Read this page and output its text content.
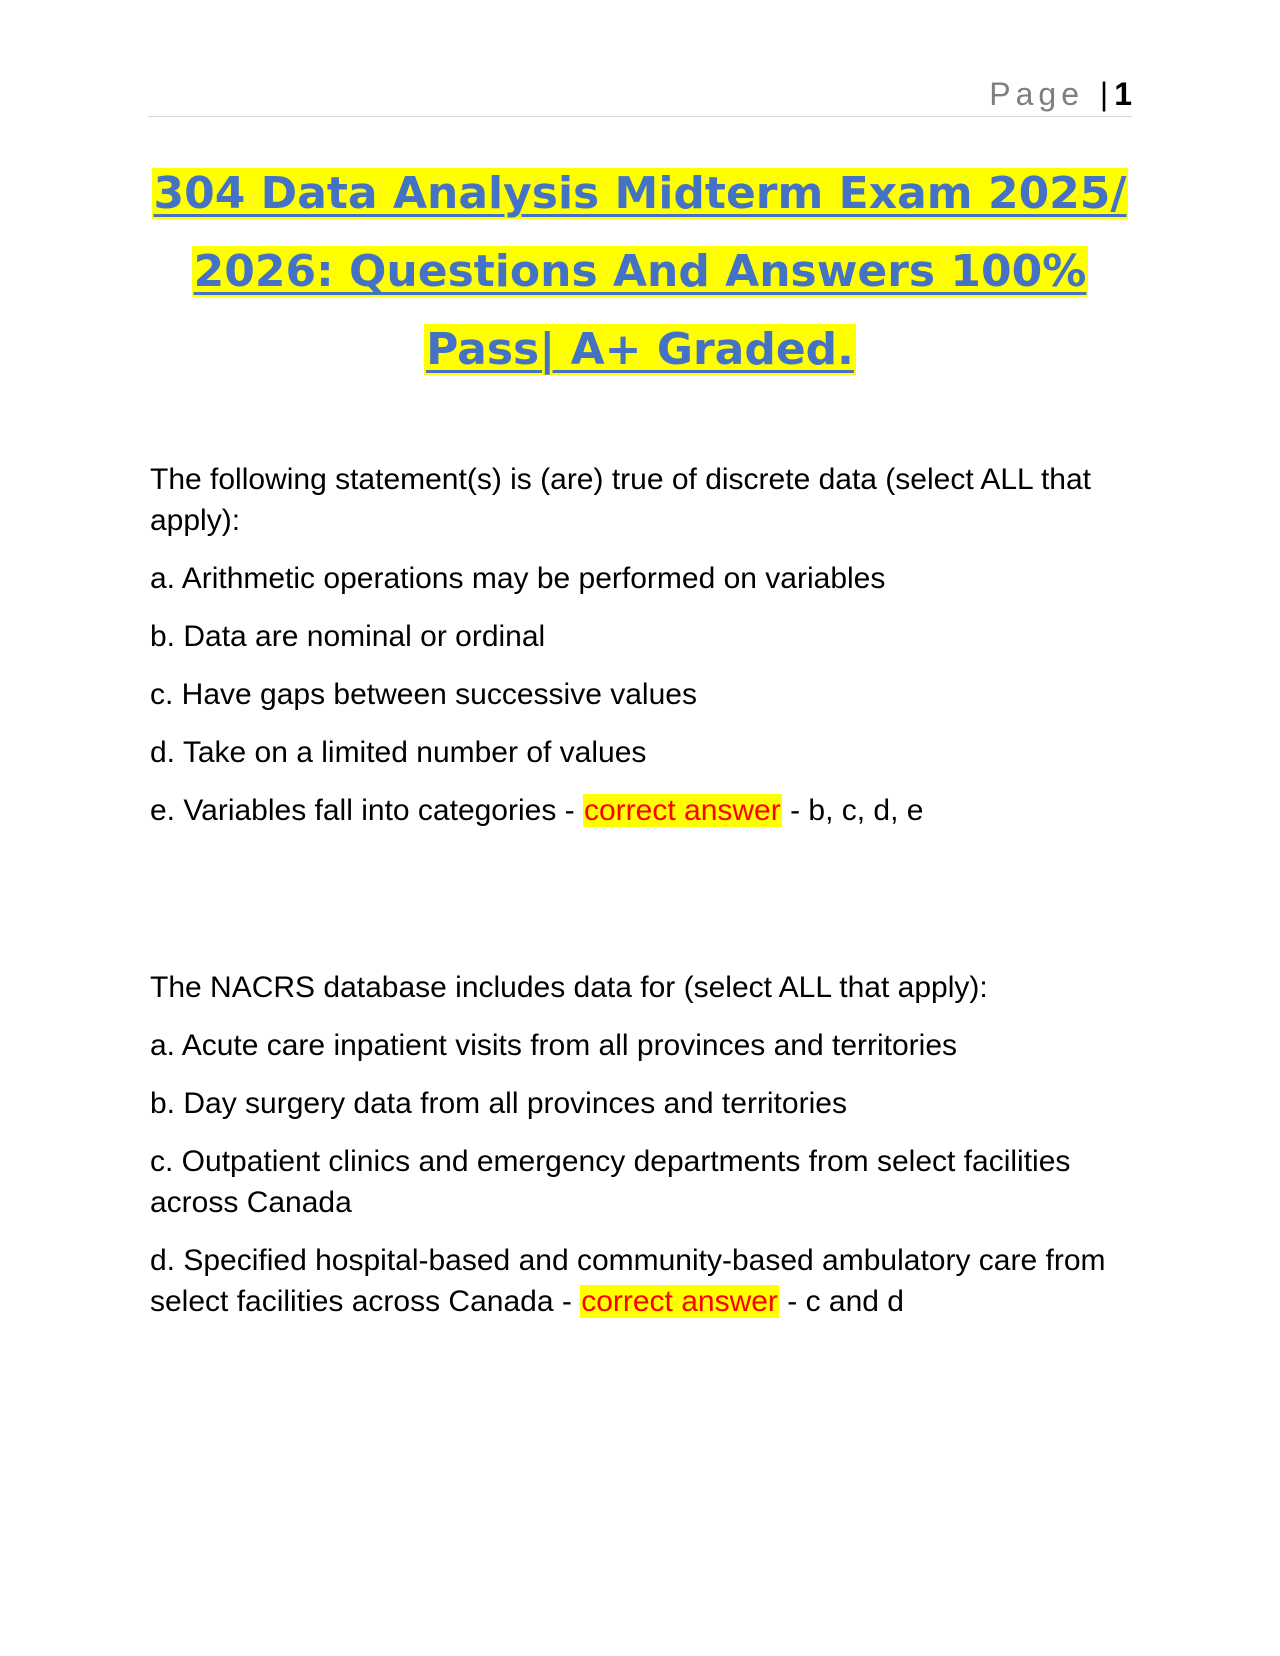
Page | 1
304 Data Analysis Midterm Exam 2025/
2026: Questions And Answers 100%
Pass| A+ Graded.

The following statement(s) is (are) true of discrete data (select ALL that apply):

a. Arithmetic operations may be performed on variables

b. Data are nominal or ordinal

c. Have gaps between successive values

d. Take on a limited number of values

e. Variables fall into categories - correct answer - b, c, d, e

The NACRS database includes data for (select ALL that apply):

a. Acute care inpatient visits from all provinces and territories

b. Day surgery data from all provinces and territories

c. Outpatient clinics and emergency departments from select facilities across Canada

d. Specified hospital-based and community-based ambulatory care from select facilities across Canada - correct answer - c and d
